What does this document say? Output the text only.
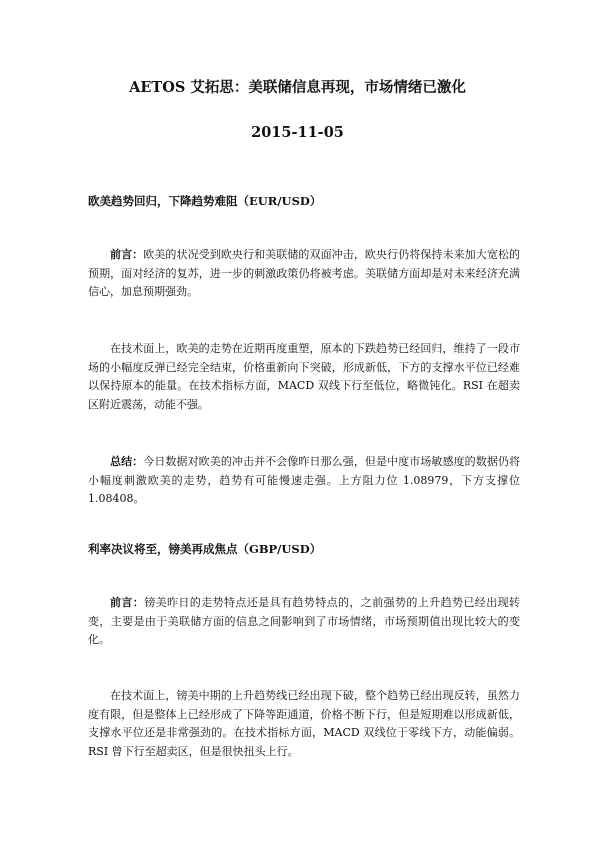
AETOS 艾拓思：美联储信息再现，市场情绪已激化
2015-11-05
欧美趋势回归，下降趋势难阻（EUR/USD）

前言：欧美的状况受到欧央行和美联储的双面冲击，欧央行仍将保持未来加大宽松的预期，面对经济的复苏，进一步的刺激政策仍将被考虑。美联储方面却是对未来经济充满信心，加息预期强劲。

在技术面上，欧美的走势在近期再度重塑，原本的下跌趋势已经回归，维持了一段市场的小幅度反弹已经完全结束，价格重新向下突破，形成新低，下方的支撑水平位已经难以保持原本的能量。在技术指标方面，MACD 双线下行至低位，略微钝化。RSI 在超卖区附近震荡，动能不强。

总结：今日数据对欧美的冲击并不会像昨日那么强，但是中度市场敏感度的数据仍将小幅度刺激欧美的走势，趋势有可能慢速走强。上方阻力位 1.08979，下方支撑位 1.08408。

利率决议将至，镑美再成焦点（GBP/USD）

前言：镑美昨日的走势特点还是具有趋势特点的，之前强势的上升趋势已经出现转变，主要是由于美联储方面的信息之间影响到了市场情绪，市场预期值出现比较大的变化。

在技术面上，镑美中期的上升趋势线已经出现下破，整个趋势已经出现反转，虽然力度有限，但是整体上已经形成了下降等距通道，价格不断下行，但是短期难以形成新低，支撑水平位还是非常强劲的。在技术指标方面，MACD 双线位于零线下方，动能偏弱。RSI 曾下行至超卖区，但是很快扭头上行。
